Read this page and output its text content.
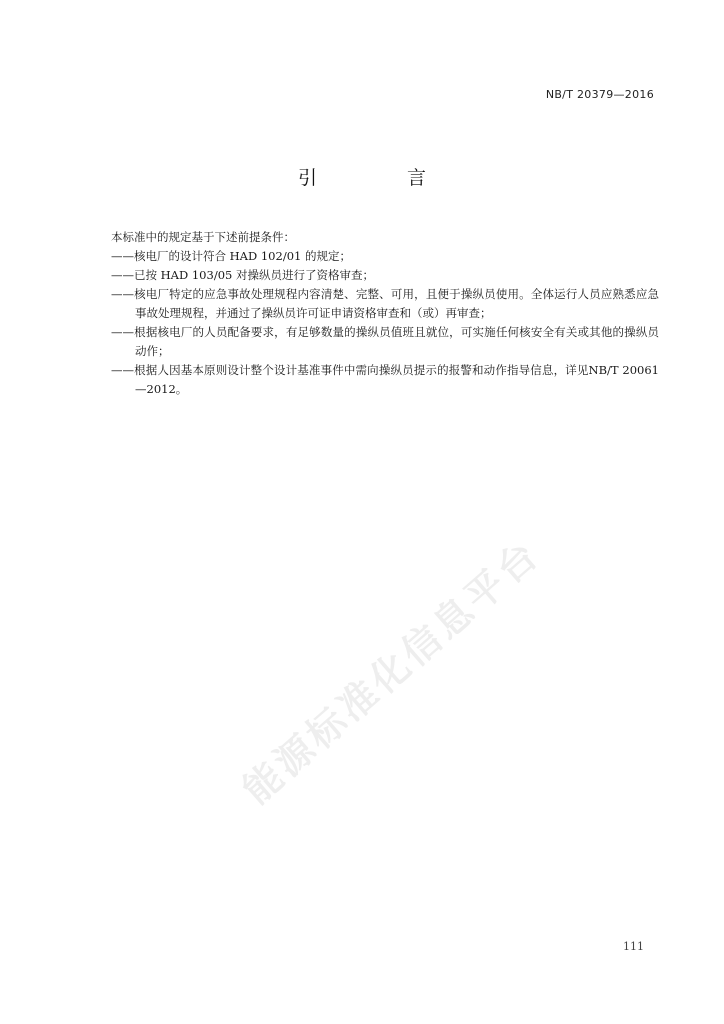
NB/T 20379—2016
引 言
本标准中的规定基于下述前提条件：
——核电厂的设计符合 HAD 102/01 的规定；
——已按 HAD 103/05 对操纵员进行了资格审查；
——核电厂特定的应急事故处理规程内容清楚、完整、可用，且便于操纵员使用。全体运行人员应熟悉应急事故处理规程，并通过了操纵员许可证申请资格审查和（或）再审查；
——根据核电厂的人员配备要求，有足够数量的操纵员值班且就位，可实施任何核安全有关或其他的操纵员动作；
——根据人因基本原则设计整个设计基准事件中需向操纵员提示的报警和动作指导信息，详见NB/T 20061—2012。
能源标准化信息平台
111
